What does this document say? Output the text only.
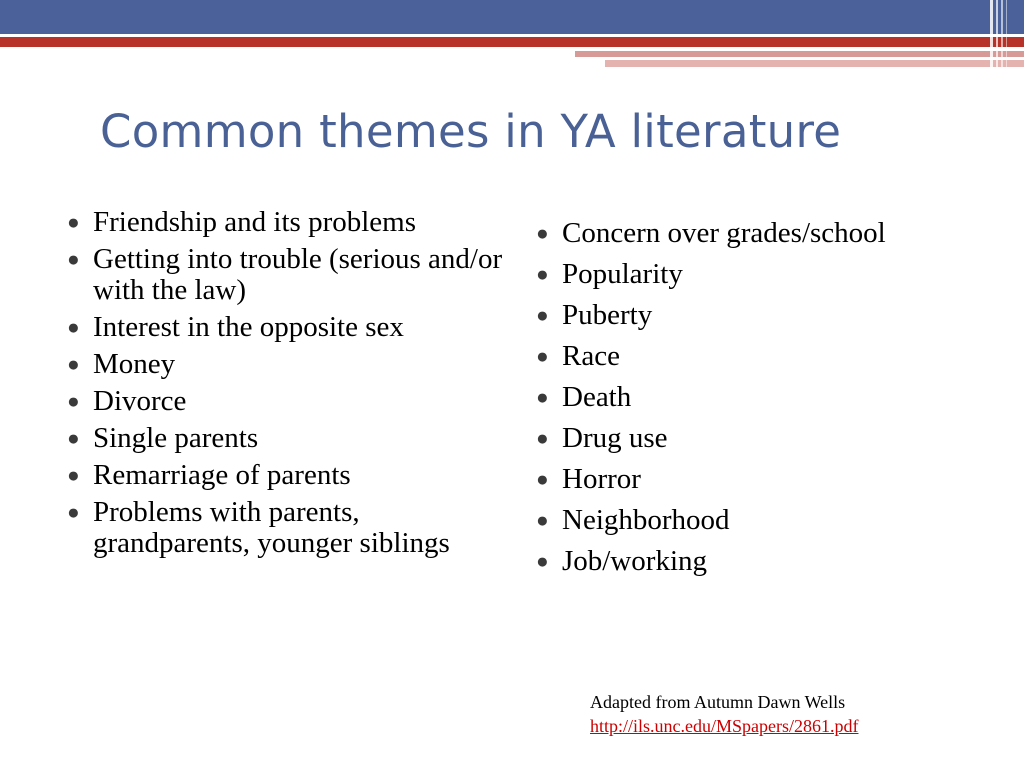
Common themes in YA literature
● Friendship and its problems
● Getting into trouble (serious and/or with the law)
● Interest in the opposite sex
● Money
● Divorce
● Single parents
● Remarriage of parents
● Problems with parents, grandparents, younger siblings
● Concern over grades/school
● Popularity
● Puberty
● Race
● Death
● Drug use
● Horror
● Neighborhood
● Job/working
Adapted from Autumn Dawn Wells
http://ils.unc.edu/MSpapers/2861.pdf
